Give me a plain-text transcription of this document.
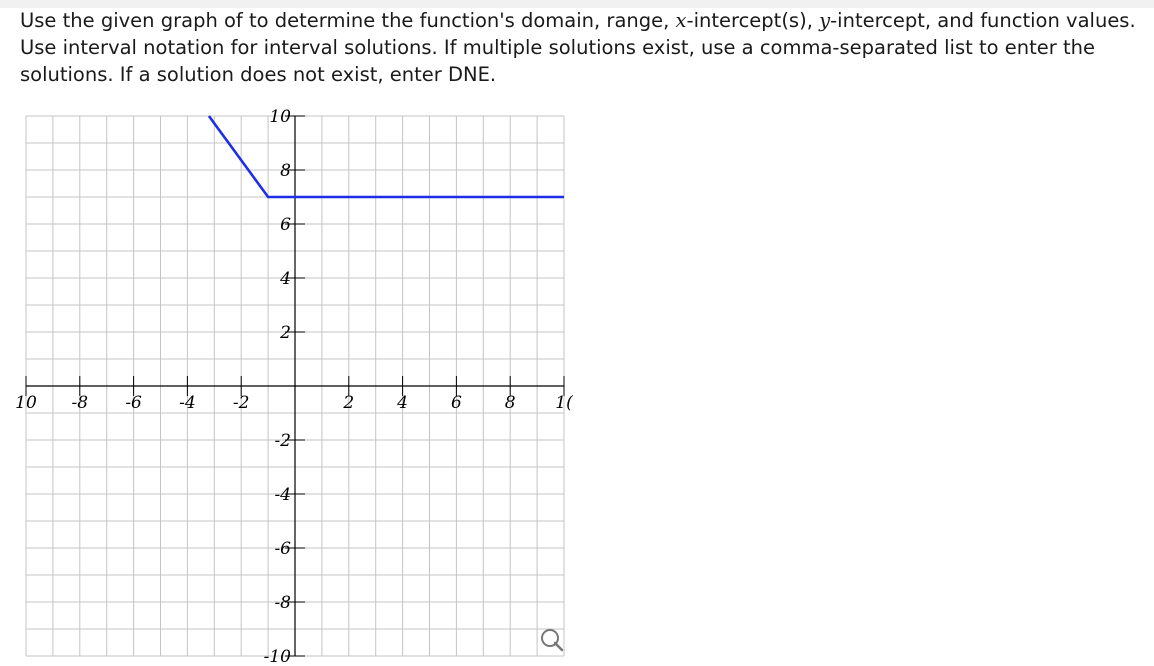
Use the given graph of to determine the function's domain, range, x-intercept(s), y-intercept, and function values. Use interval notation for interval solutions. If multiple solutions exist, use a comma-separated list to enter the solutions. If a solution does not exist, enter DNE.

10 -8 -6 -4 -2	2	4	6	8 1(
10
8
6
4
2
-2
-4
-6
-8
-10
